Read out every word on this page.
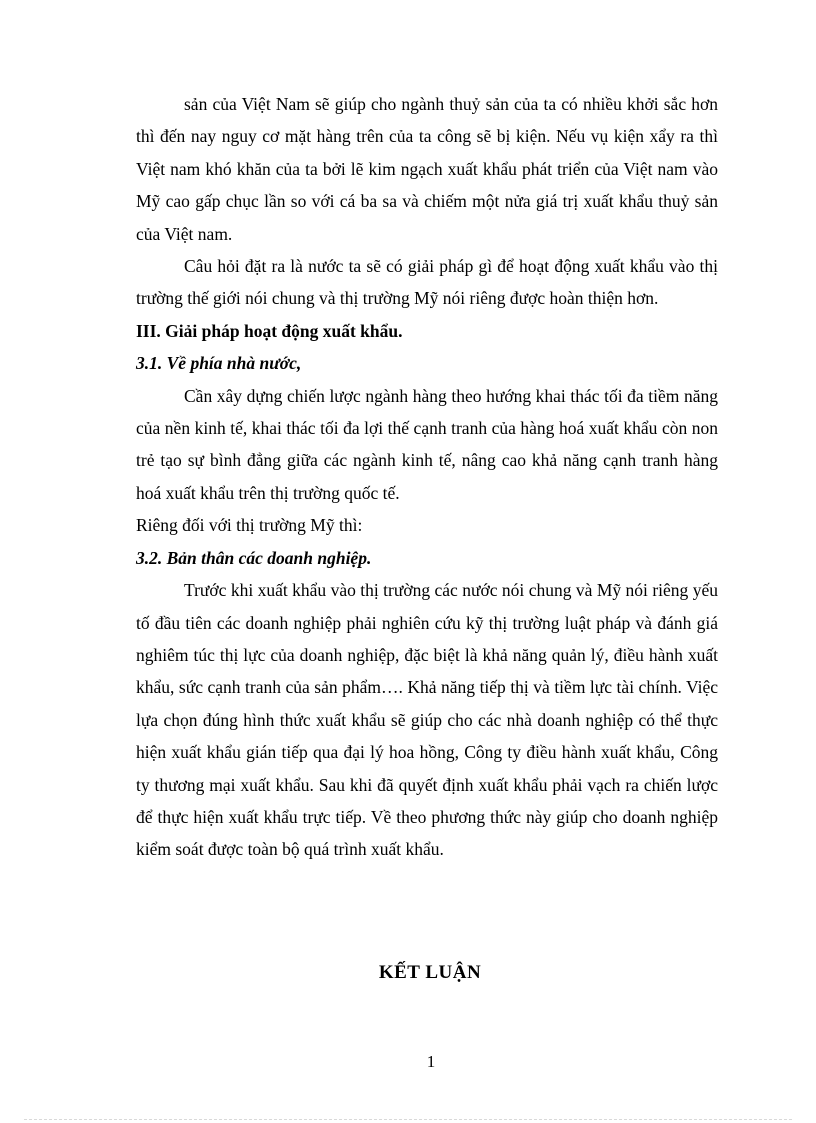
sản của Việt Nam sẽ giúp cho ngành thuỷ sản của ta có nhiều khởi sắc hơn thì đến nay nguy cơ mặt hàng trên của ta công sẽ bị kiện. Nếu vụ kiện xẩy ra thì Việt nam khó khăn của ta bởi lẽ kim ngạch xuất khẩu phát triển của Việt nam vào Mỹ cao gấp chục lần so với cá ba sa và chiếm một nửa giá trị xuất khẩu thuỷ sản của Việt nam.

Câu hỏi đặt ra là nước ta sẽ có giải pháp gì để hoạt động xuất khẩu vào thị trường thế giới nói chung và thị trường Mỹ nói riêng được hoàn thiện hơn.

III. Giải pháp hoạt động xuất khẩu.

3.1. Về phía nhà nước,

Cần xây dựng chiến lược ngành hàng theo hướng khai thác tối đa tiềm năng của nền kinh tế, khai thác tối đa lợi thế cạnh tranh của hàng hoá xuất khẩu còn non trẻ tạo sự bình đẳng giữa các ngành kinh tế, nâng cao khả năng cạnh tranh hàng hoá xuất khẩu trên thị trường quốc tế.

Riêng đối với thị trường Mỹ thì:

3.2. Bản thân các doanh nghiệp.

Trước khi xuất khẩu vào thị trường các nước nói chung và Mỹ nói riêng yếu tố đầu tiên các doanh nghiệp phải nghiên cứu kỹ thị trường luật pháp và đánh giá nghiêm túc thị lực của doanh nghiệp, đặc biệt là khả năng quản lý, điều hành xuất khẩu, sức cạnh tranh của sản phẩm…. Khả năng tiếp thị và tiềm lực tài chính. Việc lựa chọn đúng hình thức xuất khẩu sẽ giúp cho các nhà doanh nghiệp có thể thực hiện xuất khẩu gián tiếp qua đại lý hoa hồng, Công ty điều hành xuất khẩu, Công ty thương mại xuất khẩu. Sau khi đã quyết định xuất khẩu phải vạch ra chiến lược để thực hiện xuất khẩu trực tiếp. Về theo phương thức này giúp cho doanh nghiệp kiểm soát được toàn bộ quá trình xuất khẩu.

KẾT LUẬN

1
